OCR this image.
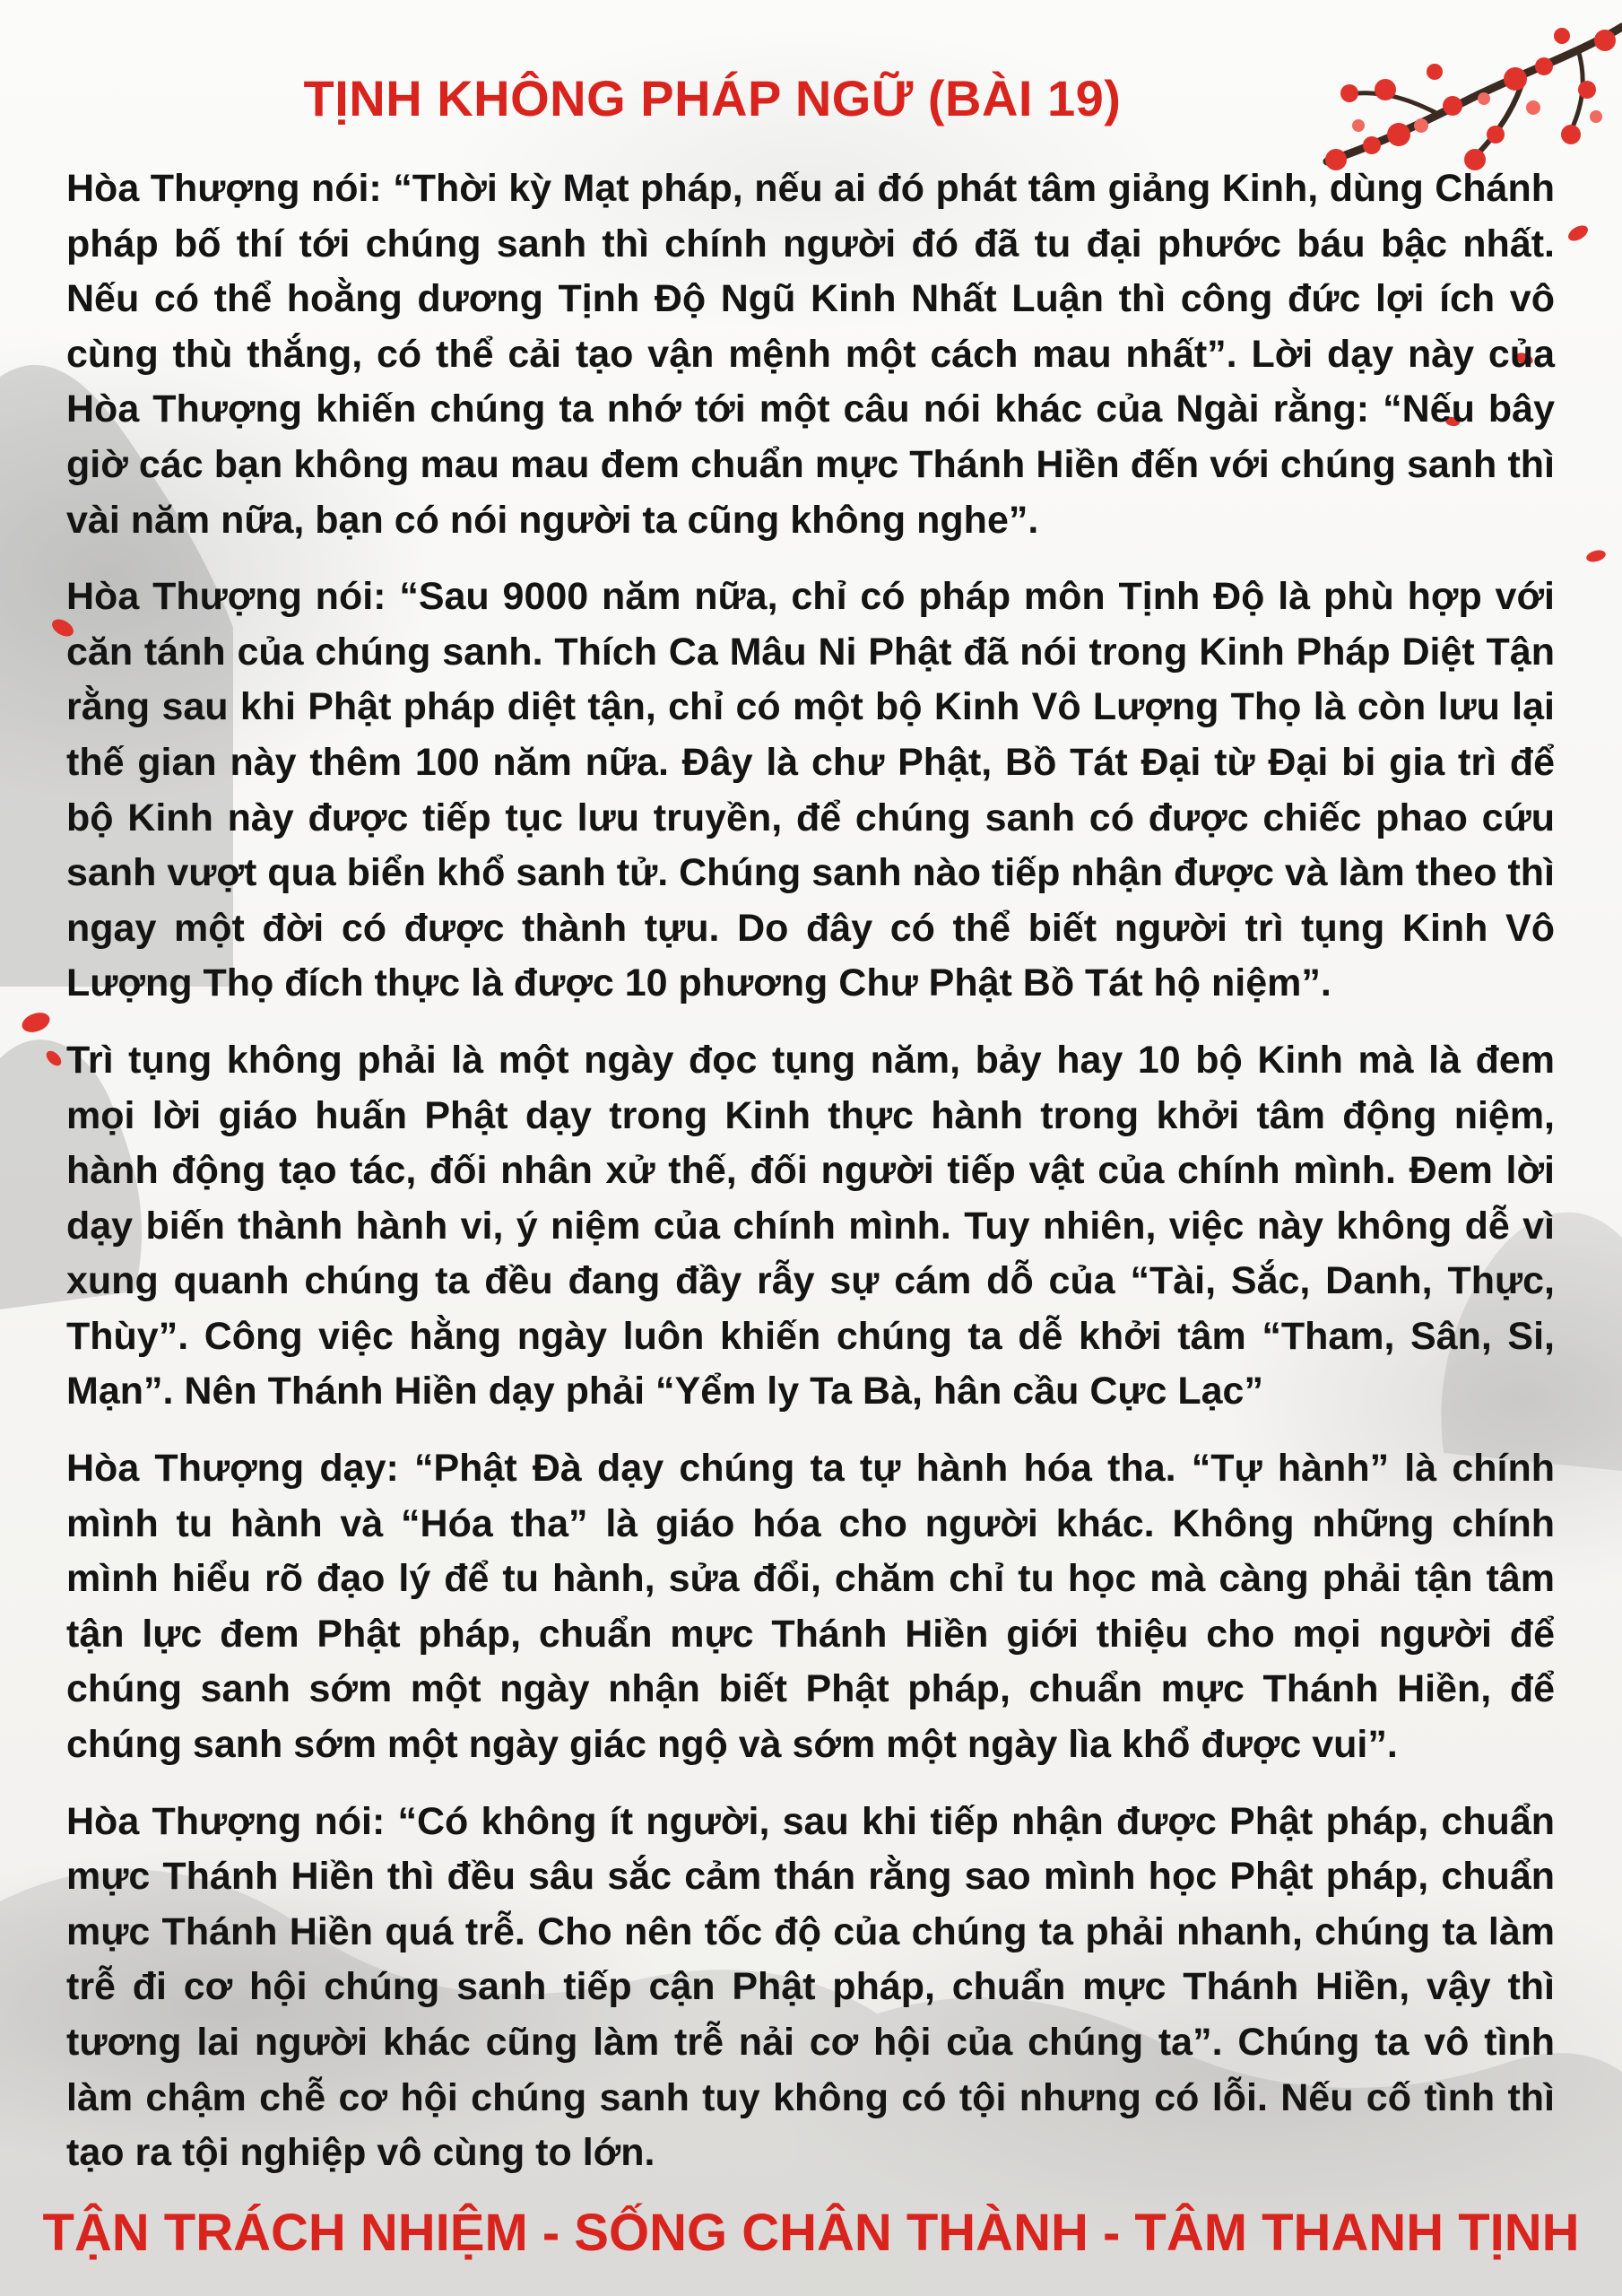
TỊNH KHÔNG PHÁP NGỮ (BÀI 19)

Hòa Thượng nói: “Thời kỳ Mạt pháp, nếu ai đó phát tâm giảng Kinh, dùng Chánh pháp bố thí tới chúng sanh thì chính người đó đã tu đại phước báu bậc nhất. Nếu có thể hoằng dương Tịnh Độ Ngũ Kinh Nhất Luận thì công đức lợi ích vô cùng thù thắng, có thể cải tạo vận mệnh một cách mau nhất”. Lời dạy này của Hòa Thượng khiến chúng ta nhớ tới một câu nói khác của Ngài rằng: “Nếu bây giờ các bạn không mau mau đem chuẩn mực Thánh Hiền đến với chúng sanh thì vài năm nữa, bạn có nói người ta cũng không nghe”.

Hòa Thượng nói: “Sau 9000 năm nữa, chỉ có pháp môn Tịnh Độ là phù hợp với căn tánh của chúng sanh. Thích Ca Mâu Ni Phật đã nói trong Kinh Pháp Diệt Tận rằng sau khi Phật pháp diệt tận, chỉ có một bộ Kinh Vô Lượng Thọ là còn lưu lại thế gian này thêm 100 năm nữa. Đây là chư Phật, Bồ Tát Đại từ Đại bi gia trì để bộ Kinh này được tiếp tục lưu truyền, để chúng sanh có được chiếc phao cứu sanh vượt qua biển khổ sanh tử. Chúng sanh nào tiếp nhận được và làm theo thì ngay một đời có được thành tựu. Do đây có thể biết người trì tụng Kinh Vô Lượng Thọ đích thực là được 10 phương Chư Phật Bồ Tát hộ niệm”.

Trì tụng không phải là một ngày đọc tụng năm, bảy hay 10 bộ Kinh mà là đem mọi lời giáo huấn Phật dạy trong Kinh thực hành trong khởi tâm động niệm, hành động tạo tác, đối nhân xử thế, đối người tiếp vật của chính mình. Đem lời dạy biến thành hành vi, ý niệm của chính mình. Tuy nhiên, việc này không dễ vì xung quanh chúng ta đều đang đầy rẫy sự cám dỗ của “Tài, Sắc, Danh, Thực, Thùy”. Công việc hằng ngày luôn khiến chúng ta dễ khởi tâm “Tham, Sân, Si, Mạn”. Nên Thánh Hiền dạy phải “Yểm ly Ta Bà, hân cầu Cực Lạc”

Hòa Thượng dạy: “Phật Đà dạy chúng ta tự hành hóa tha. “Tự hành” là chính mình tu hành và “Hóa tha” là giáo hóa cho người khác. Không những chính mình hiểu rõ đạo lý để tu hành, sửa đổi, chăm chỉ tu học mà càng phải tận tâm tận lực đem Phật pháp, chuẩn mực Thánh Hiền giới thiệu cho mọi người để chúng sanh sớm một ngày nhận biết Phật pháp, chuẩn mực Thánh Hiền, để chúng sanh sớm một ngày giác ngộ và sớm một ngày lìa khổ được vui”.

Hòa Thượng nói: “Có không ít người, sau khi tiếp nhận được Phật pháp, chuẩn mực Thánh Hiền thì đều sâu sắc cảm thán rằng sao mình học Phật pháp, chuẩn mực Thánh Hiền quá trễ. Cho nên tốc độ của chúng ta phải nhanh, chúng ta làm trễ đi cơ hội chúng sanh tiếp cận Phật pháp, chuẩn mực Thánh Hiền, vậy thì tương lai người khác cũng làm trễ nải cơ hội của chúng ta”. Chúng ta vô tình làm chậm chễ cơ hội chúng sanh tuy không có tội nhưng có lỗi. Nếu cố tình thì tạo ra tội nghiệp vô cùng to lớn.

TẬN TRÁCH NHIỆM - SỐNG CHÂN THÀNH - TÂM THANH TỊNH
